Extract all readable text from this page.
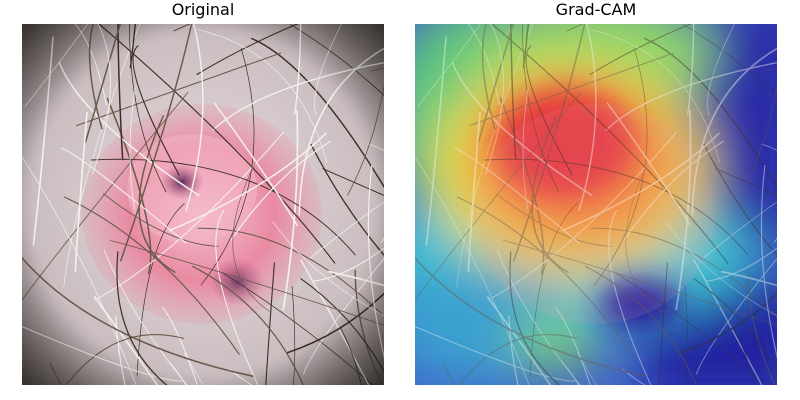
Original	Grad-CAM
